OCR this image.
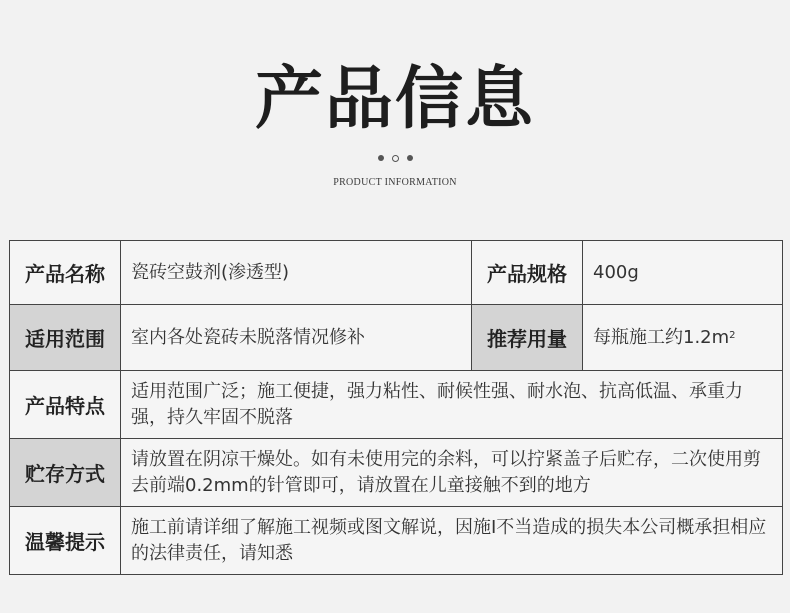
产品信息
PRODUCT INFORMATION
产品名称	瓷砖空鼓剂(渗透型)	产品规格	400g
适用范围	室内各处瓷砖未脱落情况修补	推荐用量	每瓶施工约$1.2m^2$
产品特点	适用范围广泛；施工便捷，强力粘性、耐候性强、耐水泡、抗高低温、承重力强，持久牢固不脱落		
贮存方式	请放置在阴凉干燥处。如有未使用完的余料，可以拧紧盖子后贮存，二次使用剪去前端0.2mm的针管即可，请放置在儿童接触不到的地方		
温馨提示	施工前请详细了解施工视频或图文解说，因施I不当造成的损失本公司概承担相应的法律责任，请知悉		
